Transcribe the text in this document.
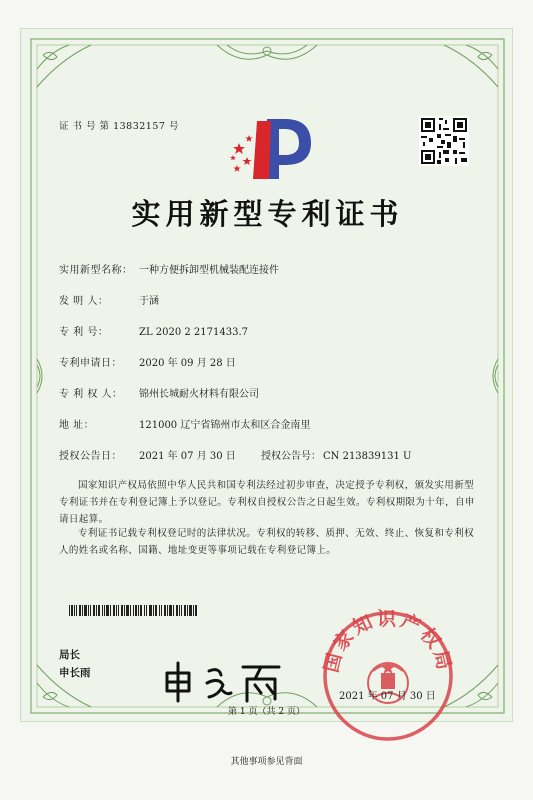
证 书 号 第 13832157 号
实用新型专利证书
实用新型名称： 一种方便拆卸型机械装配连接件
发 明 人：	于涵
专 利 号：	ZL 2020 2 2171433.7
专利申请日： 2020 年 09 月 28 日
专 利 权 人： 锦州长城耐火材料有限公司
地 址：	121000 辽宁省锦州市太和区合金南里
授权公告日： 2021 年 07 月 30 日	授权公告号： CN 213839131 U
国家知识产权局依照中华人民共和国专利法经过初步审查，决定授予专利权，颁发实用新型专利证书并在专利登记簿上予以登记。专利权自授权公告之日起生效。专利权期限为十年，自申请日起算。
专利证书记载专利权登记时的法律状况。专利权的转移、质押、无效、终止、恢复和专利权人的姓名或名称、国籍、地址变更等事项记载在专利登记簿上。
局长
申长雨	国家知识产权局
2021 年 07 月 30 日
第 1 页（共 2 页）
其他事项参见背面
